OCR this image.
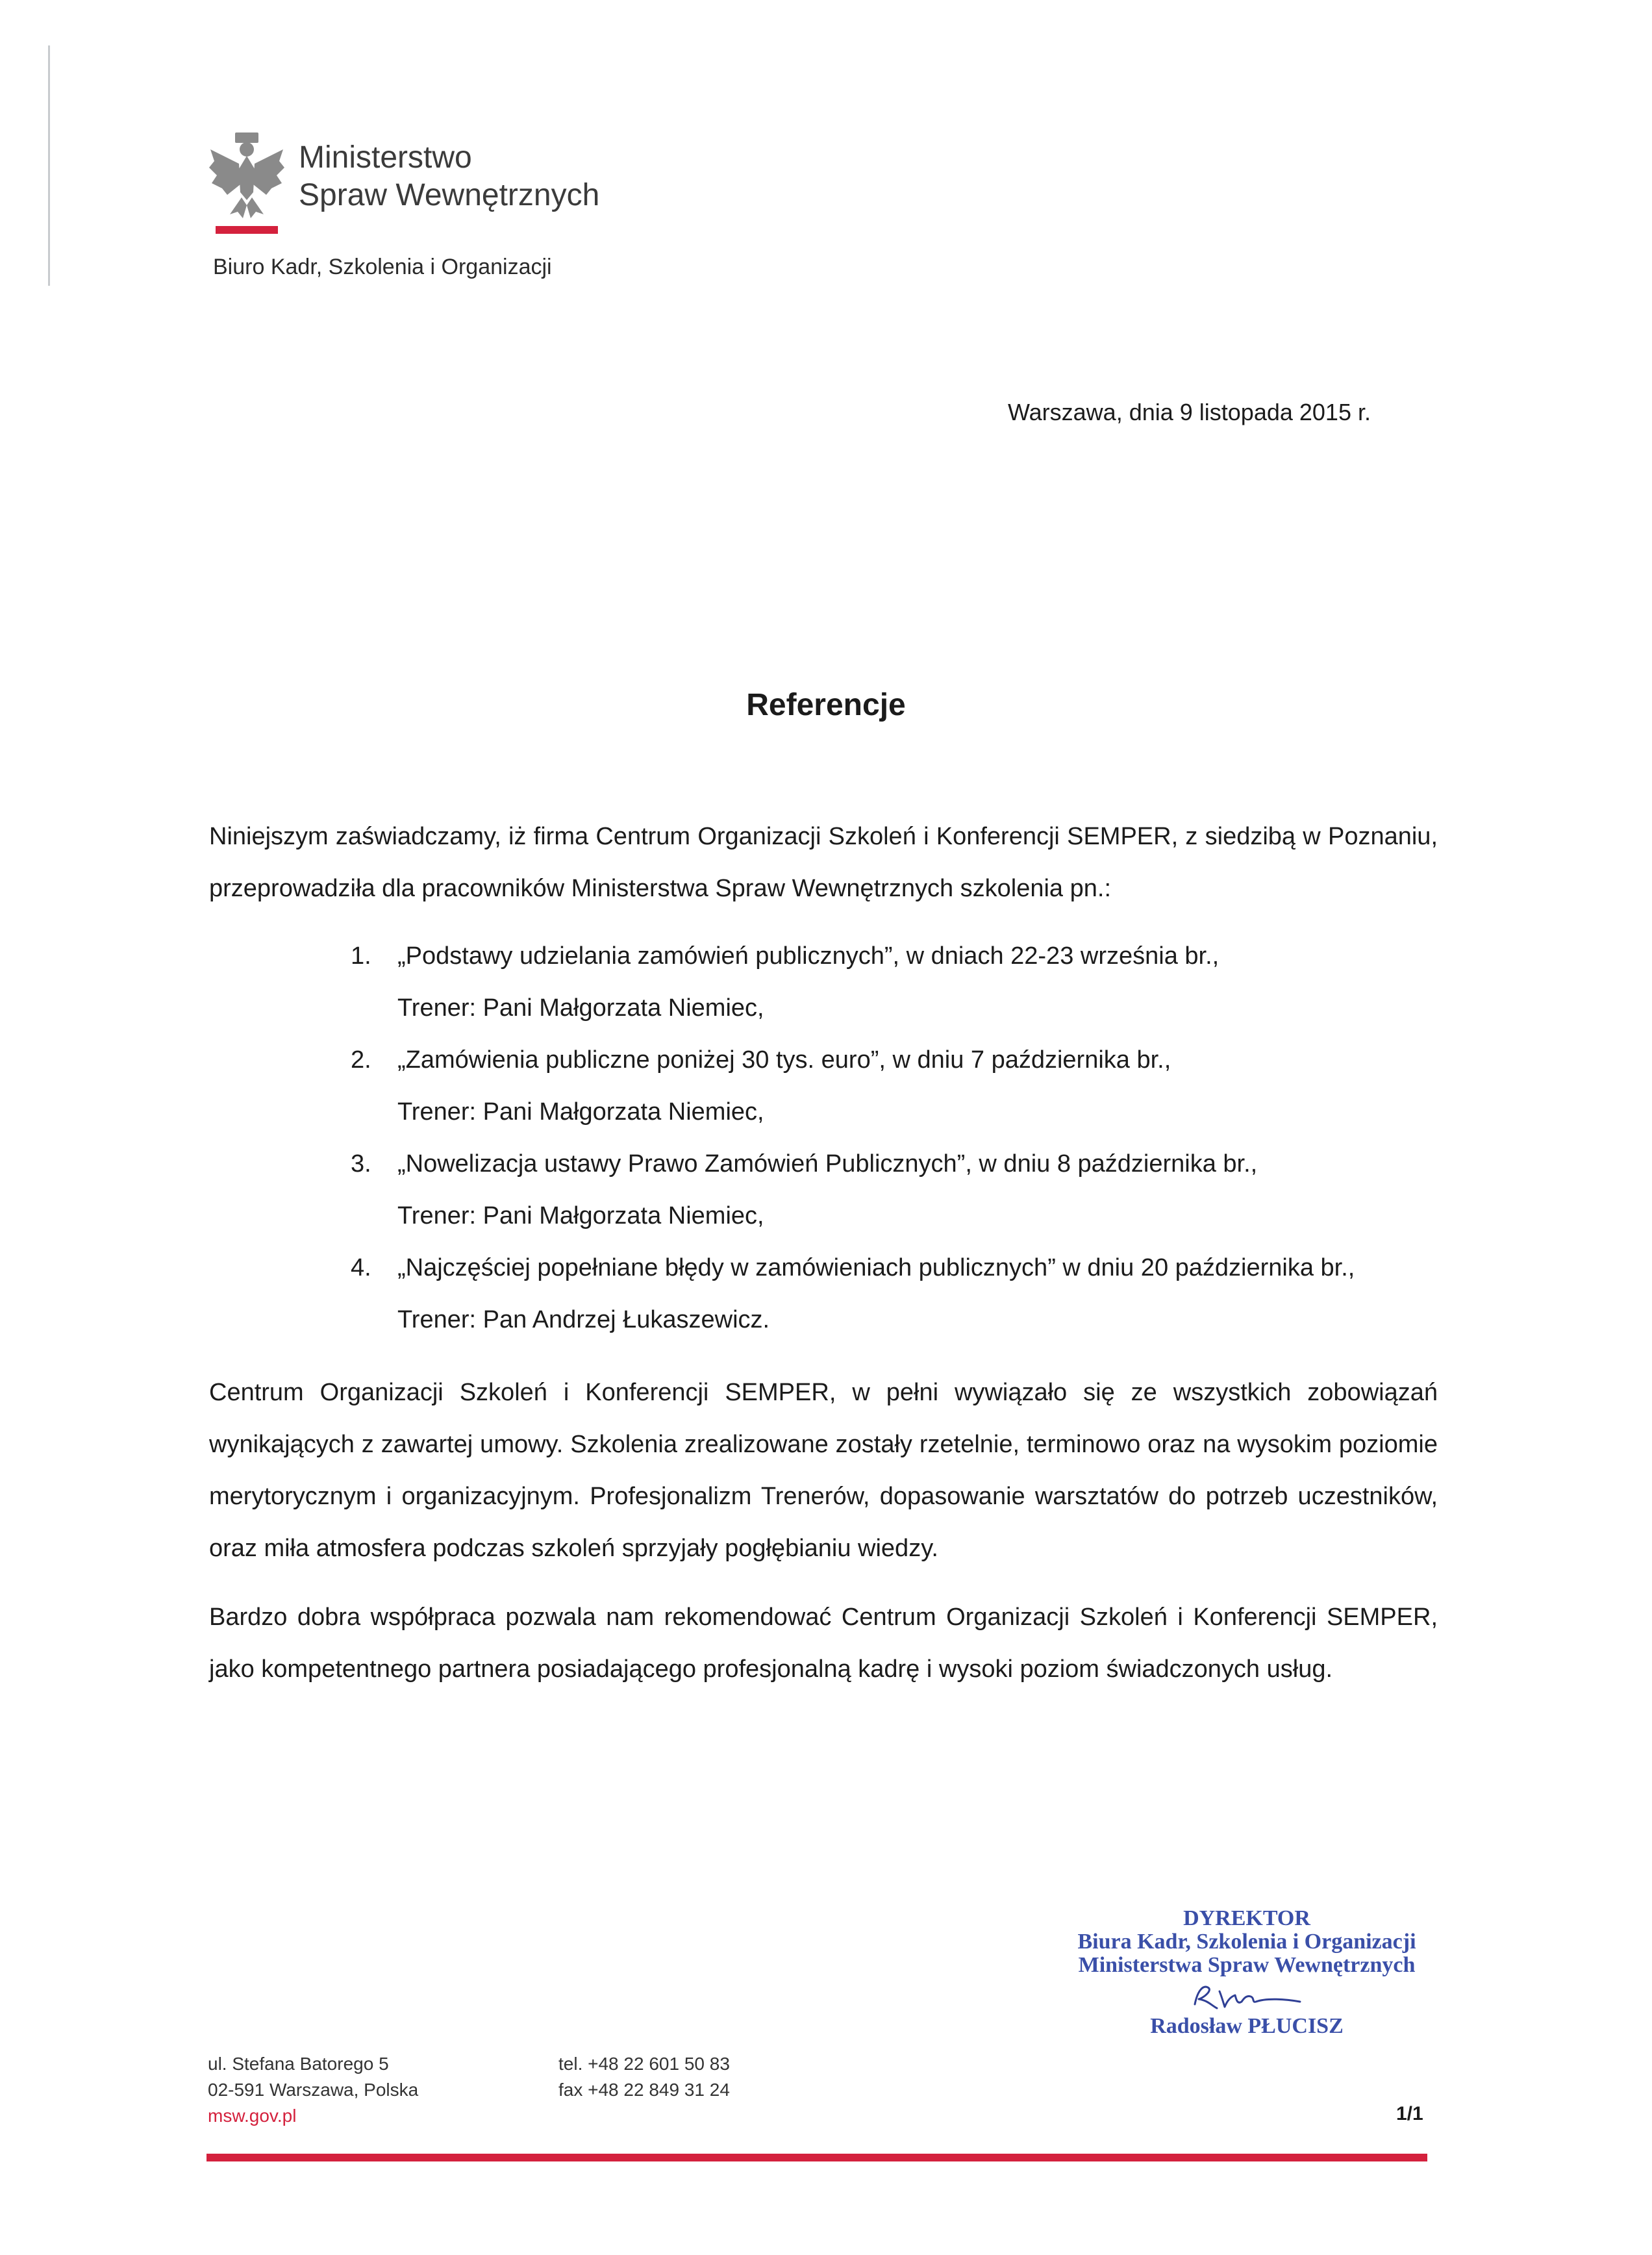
Ministerstwo
Spraw Wewnętrznych
Biuro Kadr, Szkolenia i Organizacji
Warszawa, dnia 9 listopada 2015 r.
Referencje
Niniejszym zaświadczamy, iż firma Centrum Organizacji Szkoleń i Konferencji SEMPER, z siedzibą w Poznaniu, przeprowadziła dla pracowników Ministerstwa Spraw Wewnętrznych szkolenia pn.:
1. „Podstawy udzielania zamówień publicznych”, w dniach 22-23 września br.,
Trener: Pani Małgorzata Niemiec,
2. „Zamówienia publiczne poniżej 30 tys. euro”, w dniu 7 października br.,
Trener: Pani Małgorzata Niemiec,
3. „Nowelizacja ustawy Prawo Zamówień Publicznych”, w dniu 8 października br.,
Trener: Pani Małgorzata Niemiec,
4. „Najczęściej popełniane błędy w zamówieniach publicznych” w dniu 20 października br.,
Trener: Pan Andrzej Łukaszewicz.
Centrum Organizacji Szkoleń i Konferencji SEMPER, w pełni wywiązało się ze wszystkich zobowiązań wynikających z zawartej umowy. Szkolenia zrealizowane zostały rzetelnie, terminowo oraz na wysokim poziomie merytorycznym i organizacyjnym. Profesjonalizm Trenerów, dopasowanie warsztatów do potrzeb uczestników, oraz miła atmosfera podczas szkoleń sprzyjały pogłębianiu wiedzy.
Bardzo dobra współpraca pozwala nam rekomendować Centrum Organizacji Szkoleń i Konferencji SEMPER, jako kompetentnego partnera posiadającego profesjonalną kadrę i wysoki poziom świadczonych usług.
DYREKTOR
Biura Kadr, Szkolenia i Organizacji
Ministerstwa Spraw Wewnętrznych
Radosław PŁUCISZ
ul. Stefana Batorego 5
02-591 Warszawa, Polska
msw.gov.pl
tel. +48 22 601 50 83
fax +48 22 849 31 24
1/1
